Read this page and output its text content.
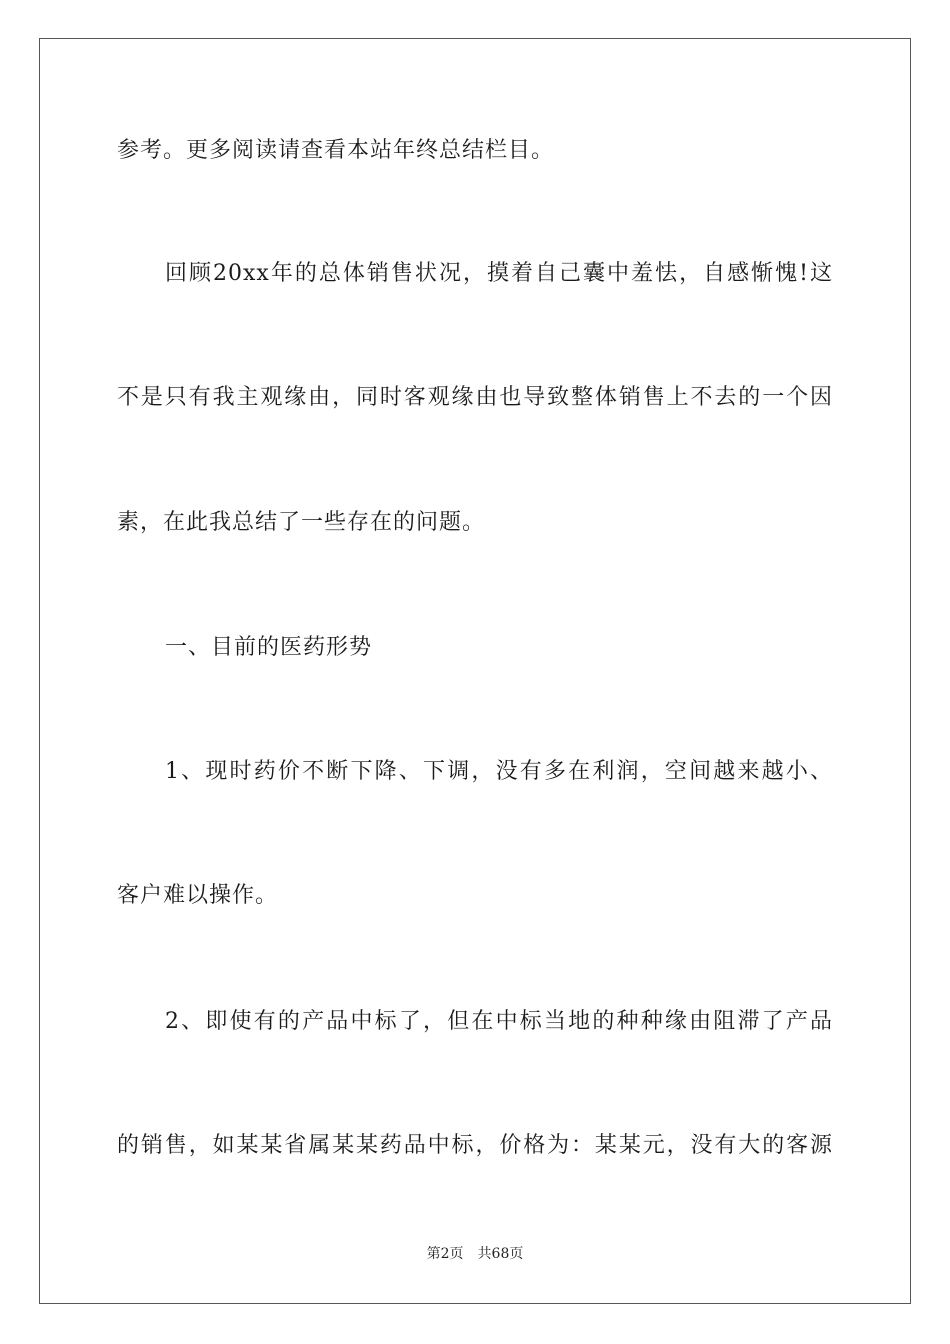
参考。更多阅读请查看本站年终总结栏目。
回顾20xx年的总体销售状况，摸着自己囊中羞怯，自感惭愧!这
不是只有我主观缘由，同时客观缘由也导致整体销售上不去的一个因
素，在此我总结了一些存在的问题。
一、目前的医药形势
1、现时药价不断下降、下调，没有多在利润，空间越来越小、
客户难以操作。
2、即使有的产品中标了，但在中标当地的种种缘由阻滞了产品
的销售，如某某省属某某药品中标，价格为：某某元，没有大的客源
第2页 共68页
